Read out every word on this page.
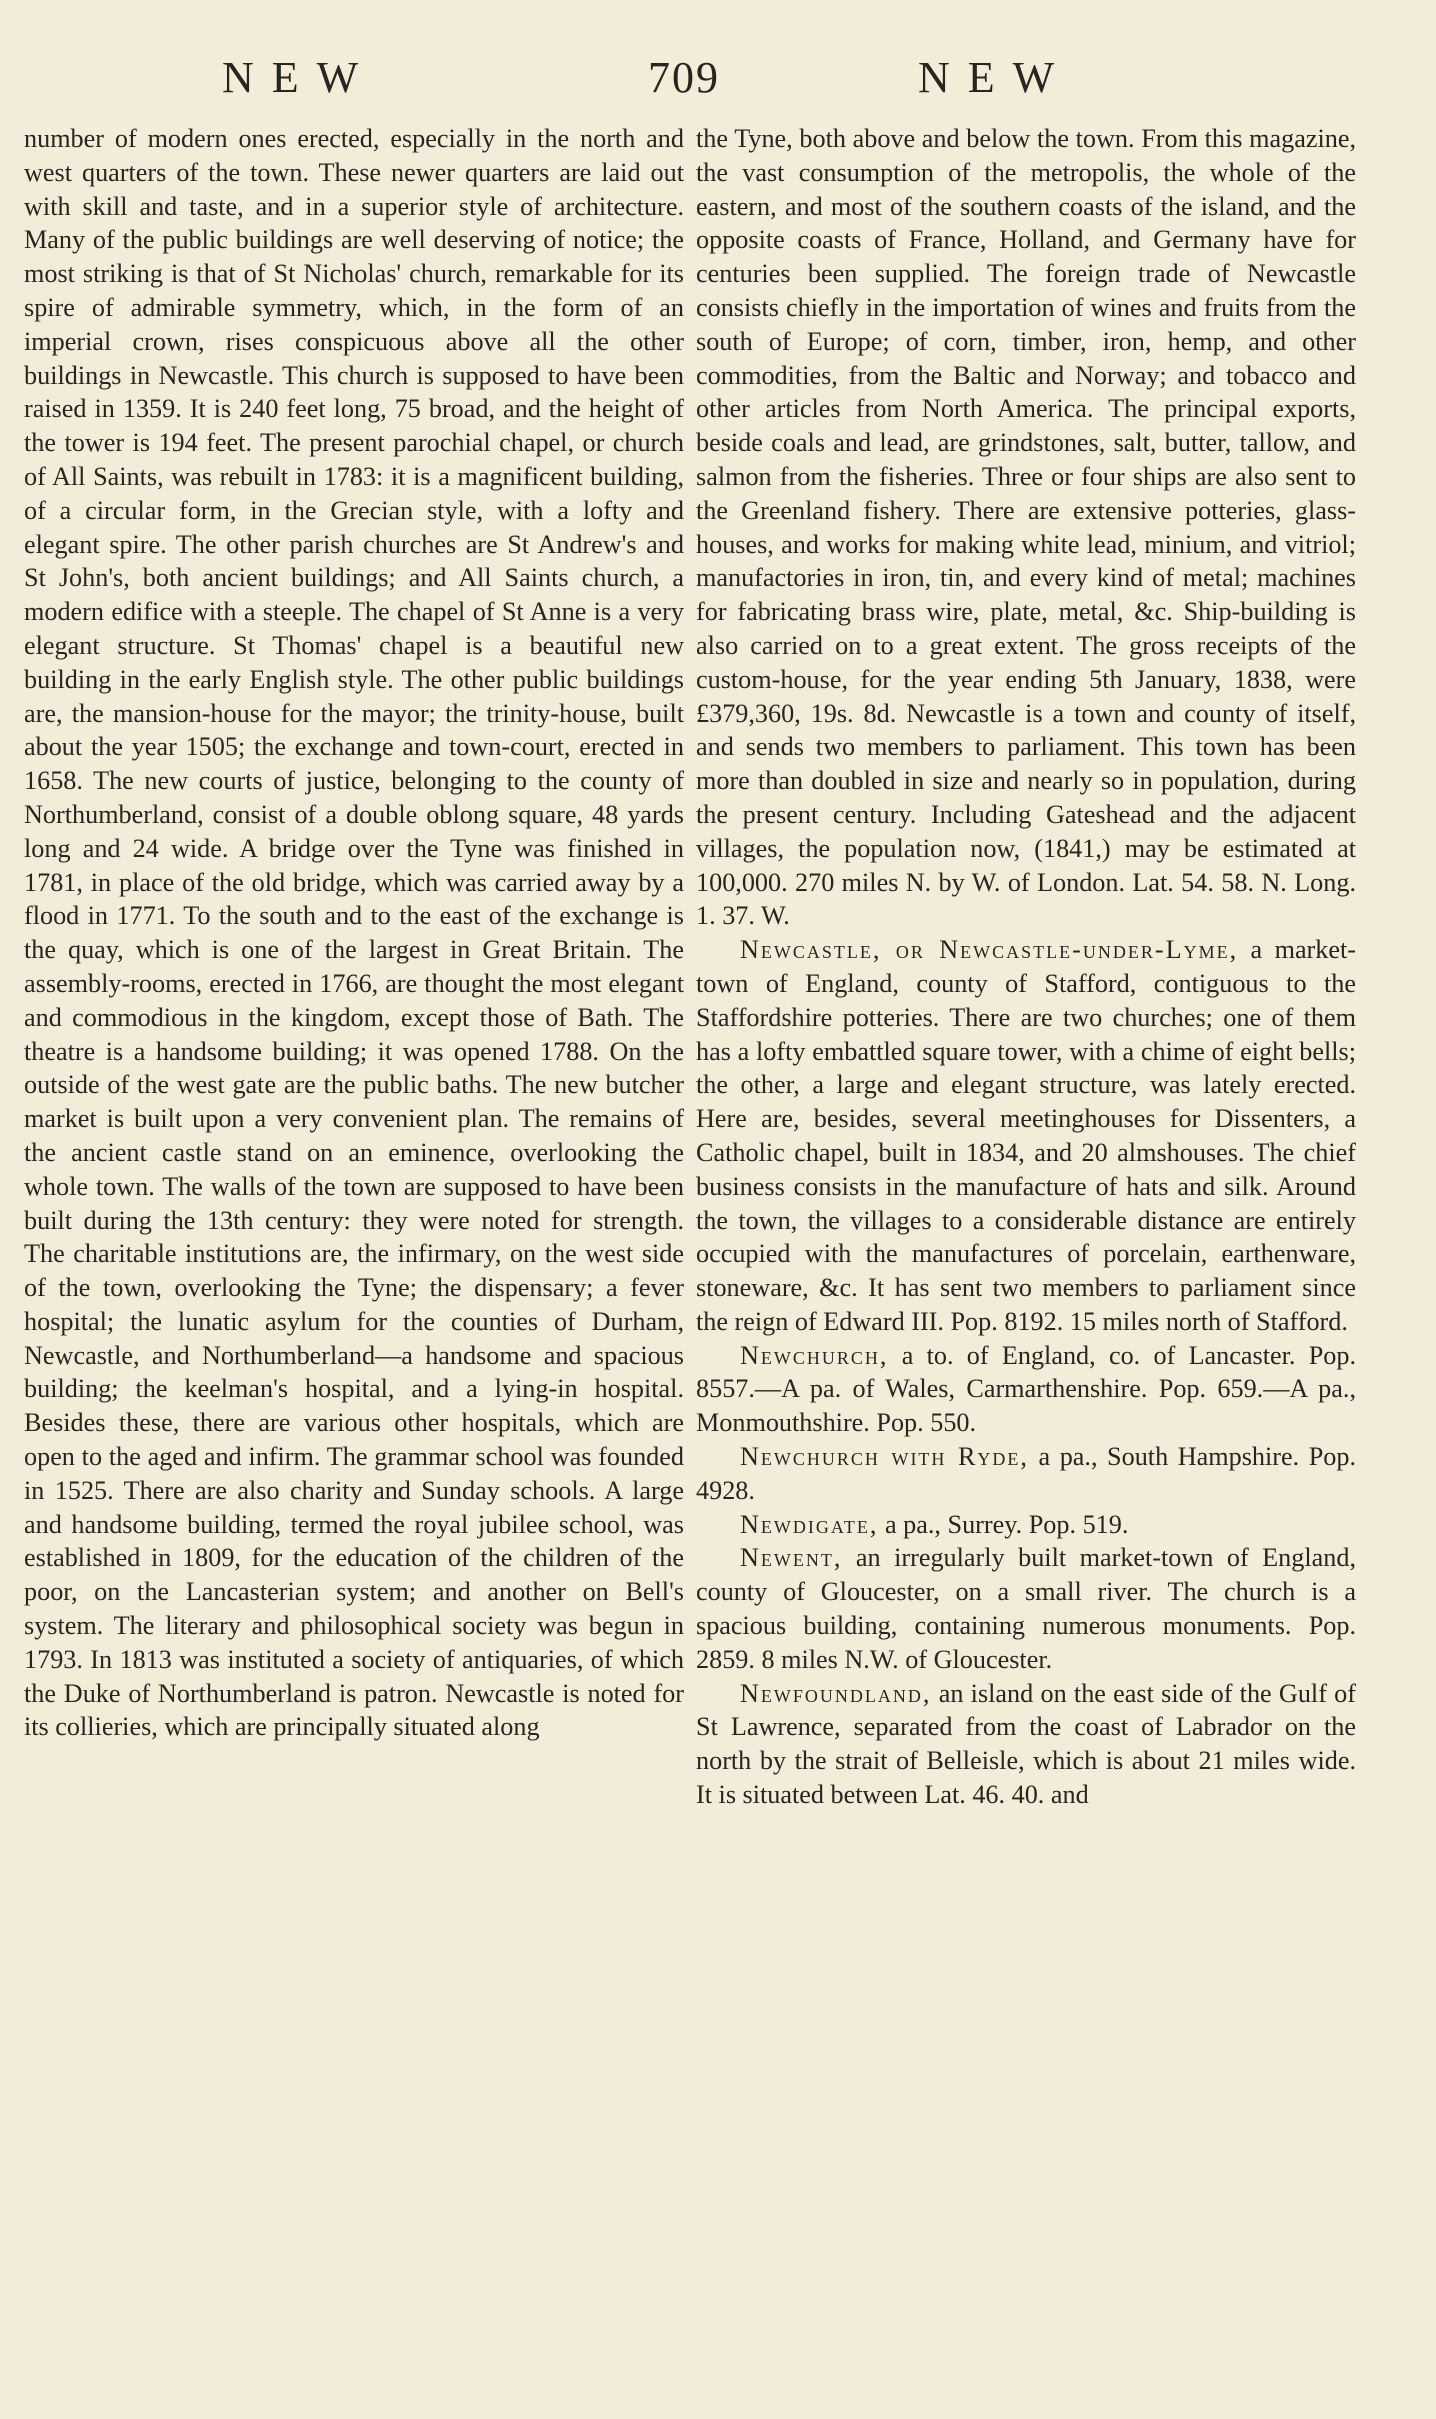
NEW	709	NEW

number of modern ones erected, especially in the north and west quarters of the town. These newer quarters are laid out with skill and taste, and in a superior style of architecture. Many of the public buildings are well deserving of notice; the most striking is that of St Nicholas' church, remarkable for its spire of admirable symmetry, which, in the form of an imperial crown, rises conspicuous above all the other buildings in Newcastle. This church is supposed to have been raised in 1359. It is 240 feet long, 75 broad, and the height of the tower is 194 feet. The present parochial chapel, or church of All Saints, was rebuilt in 1783: it is a magnificent building, of a circular form, in the Grecian style, with a lofty and elegant spire. The other parish churches are St Andrew's and St John's, both ancient buildings; and All Saints church, a modern edifice with a steeple. The chapel of St Anne is a very elegant structure. St Thomas' chapel is a beautiful new building in the early English style. The other public buildings are, the mansion-house for the mayor; the trinity-house, built about the year 1505; the exchange and town-court, erected in 1658. The new courts of justice, belonging to the county of Northumberland, consist of a double oblong square, 48 yards long and 24 wide. A bridge over the Tyne was finished in 1781, in place of the old bridge, which was carried away by a flood in 1771. To the south and to the east of the exchange is the quay, which is one of the largest in Great Britain. The assembly-rooms, erected in 1766, are thought the most elegant and commodious in the kingdom, except those of Bath. The theatre is a handsome building; it was opened 1788. On the outside of the west gate are the public baths. The new butcher market is built upon a very convenient plan. The remains of the ancient castle stand on an eminence, overlooking the whole town. The walls of the town are supposed to have been built during the 13th century: they were noted for strength. The charitable institutions are, the infirmary, on the west side of the town, overlooking the Tyne; the dispensary; a fever hospital; the lunatic asylum for the counties of Durham, Newcastle, and Northumberland—a handsome and spacious building; the keelman's hospital, and a lying-in hospital. Besides these, there are various other hospitals, which are open to the aged and infirm. The grammar school was founded in 1525. There are also charity and Sunday schools. A large and handsome building, termed the royal jubilee school, was established in 1809, for the education of the children of the poor, on the Lancasterian system; and another on Bell's system. The literary and philosophical society was begun in 1793. In 1813 was instituted a society of antiquaries, of which the Duke of Northumberland is patron. Newcastle is noted for its collieries, which are principally situated along

the Tyne, both above and below the town. From this magazine, the vast consumption of the metropolis, the whole of the eastern, and most of the southern coasts of the island, and the opposite coasts of France, Holland, and Germany have for centuries been supplied. The foreign trade of Newcastle consists chiefly in the importation of wines and fruits from the south of Europe; of corn, timber, iron, hemp, and other commodities, from the Baltic and Norway; and tobacco and other articles from North America. The principal exports, beside coals and lead, are grindstones, salt, butter, tallow, and salmon from the fisheries. Three or four ships are also sent to the Greenland fishery. There are extensive potteries, glass-houses, and works for making white lead, minium, and vitriol; manufactories in iron, tin, and every kind of metal; machines for fabricating brass wire, plate, metal, &c. Ship-building is also carried on to a great extent. The gross receipts of the custom-house, for the year ending 5th January, 1838, were £379,360, 19s. 8d. Newcastle is a town and county of itself, and sends two members to parliament. This town has been more than doubled in size and nearly so in population, during the present century. Including Gateshead and the adjacent villages, the population now, (1841,) may be estimated at 100,000. 270 miles N. by W. of London. Lat. 54. 58. N. Long. 1. 37. W.

Newcastle, or Newcastle-under-Lyme, a market-town of England, county of Stafford, contiguous to the Staffordshire potteries. There are two churches; one of them has a lofty embattled square tower, with a chime of eight bells; the other, a large and elegant structure, was lately erected. Here are, besides, several meetinghouses for Dissenters, a Catholic chapel, built in 1834, and 20 almshouses. The chief business consists in the manufacture of hats and silk. Around the town, the villages to a considerable distance are entirely occupied with the manufactures of porcelain, earthenware, stoneware, &c. It has sent two members to parliament since the reign of Edward III. Pop. 8192. 15 miles north of Stafford.

Newchurch, a to. of England, co. of Lancaster. Pop. 8557.—A pa. of Wales, Carmarthenshire. Pop. 659.—A pa., Monmouthshire. Pop. 550.

Newchurch with Ryde, a pa., South Hampshire. Pop. 4928.

Newdigate, a pa., Surrey. Pop. 519.

Newent, an irregularly built market-town of England, county of Gloucester, on a small river. The church is a spacious building, containing numerous monuments. Pop. 2859. 8 miles N.W. of Gloucester.

Newfoundland, an island on the east side of the Gulf of St Lawrence, separated from the coast of Labrador on the north by the strait of Belleisle, which is about 21 miles wide. It is situated between Lat. 46. 40. and
